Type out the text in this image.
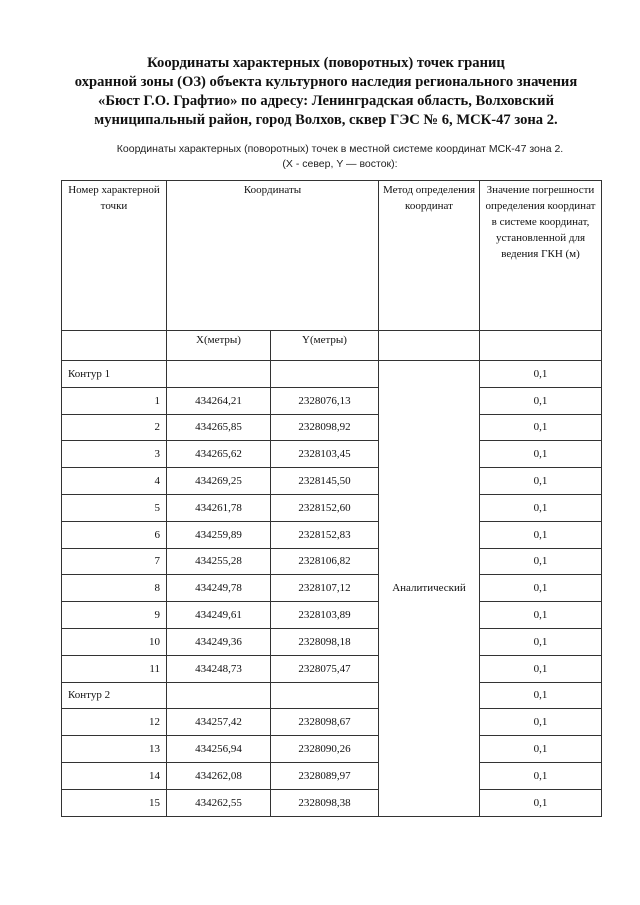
Координаты характерных (поворотных) точек границ
охранной зоны (ОЗ) объекта культурного наследия регионального значения
«Бюст Г.О. Графтио» по адресу: Ленинградская область, Волховский
муниципальный район, город Волхов, сквер ГЭС № 6, МСК-47 зона 2.
Координаты характерных (поворотных) точек в местной системе координат МСК-47 зона 2.
(X - север, Y — восток):
Номер характерной точки	Координаты		Метод определения координат	Значение погрешности определения координат в системе координат, установленной для ведения ГКН (м)
	X(метры)	Y(метры)		
Контур 1			Аналитический	0,1
1	434264,21	2328076,13		0,1
2	434265,85	2328098,92		0,1
3	434265,62	2328103,45		0,1
4	434269,25	2328145,50		0,1
5	434261,78	2328152,60		0,1
6	434259,89	2328152,83		0,1
7	434255,28	2328106,82		0,1
8	434249,78	2328107,12		0,1
9	434249,61	2328103,89		0,1
10	434249,36	2328098,18		0,1
11	434248,73	2328075,47		0,1
Контур 2				0,1
12	434257,42	2328098,67		0,1
13	434256,94	2328090,26		0,1
14	434262,08	2328089,97		0,1
15	434262,55	2328098,38		0,1
